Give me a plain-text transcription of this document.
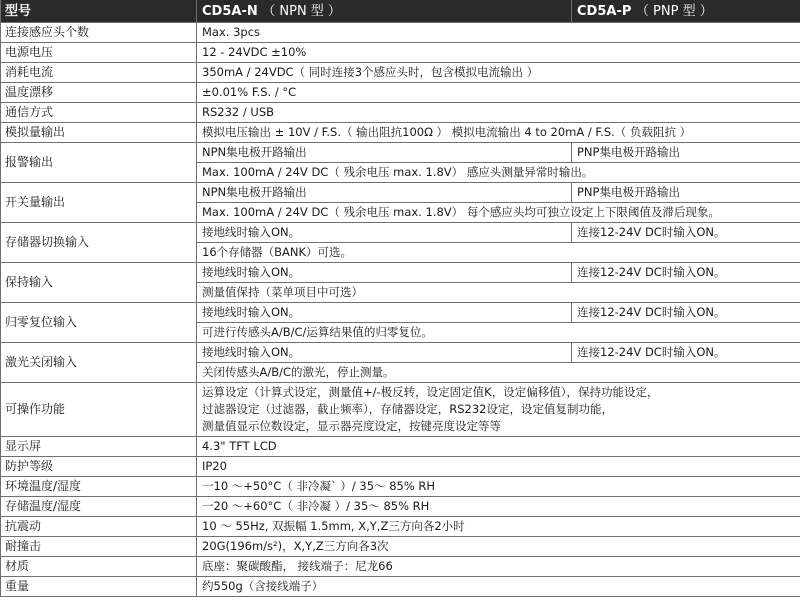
型号	CD5A-N （ NPN 型 ）	CD5A-P （ PNP 型 ）
连接感应头个数	Max. 3pcs	
电源电压	12 - 24VDC ±10%	
消耗电流	350mA / 24VDC（ 同时连接3个感应头时，包含模拟电流输出 ）	
温度漂移	±0.01% F.S. / °C	
通信方式	RS232 / USB	
模拟量输出	模拟电压输出 ± 10V / F.S.（ 输出阻抗100Ω ） 模拟电流输出 4 to 20mA / F.S.（ 负载阻抗 ）	
报警输出	NPN集电极开路输出	PNP集电极开路输出
	Max. 100mA / 24V DC（ 残余电压 max. 1.8V） 感应头测量异常时输出。	
开关量输出	NPN集电极开路输出	PNP集电极开路输出
	Max. 100mA / 24V DC（ 残余电压 max. 1.8V） 每个感应头均可独立设定上下限阈值及滞后现象。	
存储器切换输入	接地线时输入ON。	连接12-24V DC时输入ON。
	16个存储器（BANK）可选。	
保持输入	接地线时输入ON。	连接12-24V DC时输入ON。
	测量值保持（菜单项目中可选）	
归零复位输入	接地线时输入ON。	连接12-24V DC时输入ON。
	可进行传感头A/B/C/运算结果值的归零复位。	
激光关闭输入	接地线时输入ON。	连接12-24V DC时输入ON。
	关闭传感头A/B/C的激光，停止测量。	
可操作功能	运算设定（计算式设定，测量值+/-极反转，设定固定值K，设定偏移值），保持功能设定，
过滤器设定（过滤器，截止频率），存储器设定，RS232设定，设定值复制功能，
测量值显示位数设定，显示器亮度设定，按键亮度设定等等	

显示屏	4.3" TFT LCD	
防护等级	IP20	
环境温度/湿度	一10 ～+50°C（ 非冷凝` ）/ 35～ 85% RH	
存储温度/湿度	一20 ～+60°C（ 非冷凝 ）/ 35～ 85% RH	
抗震动	10 ～ 55Hz, 双振幅 1.5mm, X,Y,Z三方向各2小时	
耐撞击	20G(196m/s²)，X,Y,Z三方向各3次	
材质	底座：聚碳酸酯， 接线端子：尼龙66	
重量	约550g（含接线端子）	
